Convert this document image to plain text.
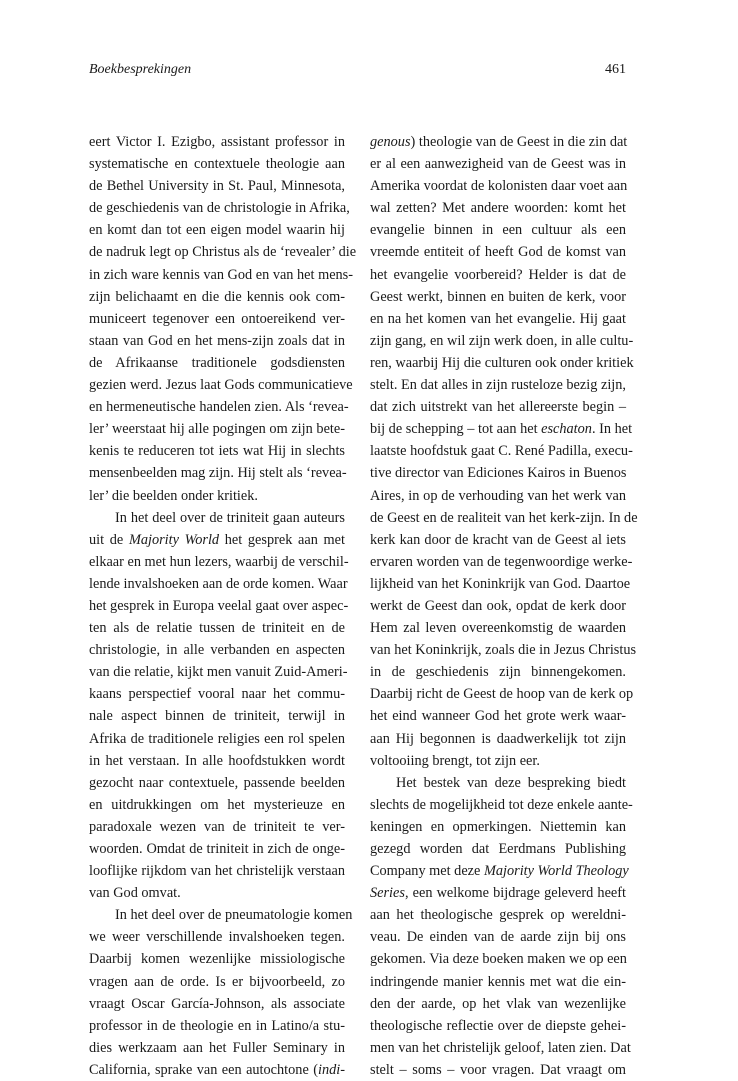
Boekbesprekingen	461
eert Victor I. Ezigbo, assistant professor in
systematische en contextuele theologie aan
de Bethel University in St. Paul, Minnesota,
de geschiedenis van de christologie in Afrika,
en komt dan tot een eigen model waarin hij
de nadruk legt op Christus als de ‘revealer’ die
in zich ware kennis van God en van het mens-
zijn belichaamt en die die kennis ook com-
municeert tegenover een ontoereikend ver-
staan van God en het mens-zijn zoals dat in
de Afrikaanse traditionele godsdiensten
gezien werd. Jezus laat Gods communicatieve
en hermeneutische handelen zien. Als ‘revea-
ler’ weerstaat hij alle pogingen om zijn bete-
kenis te reduceren tot iets wat Hij in slechts
mensenbeelden mag zijn. Hij stelt als ‘revea-
ler’ die beelden onder kritiek.
In het deel over de triniteit gaan auteurs
uit de Majority World het gesprek aan met
elkaar en met hun lezers, waarbij de verschil-
lende invalshoeken aan de orde komen. Waar
het gesprek in Europa veelal gaat over aspec-
ten als de relatie tussen de triniteit en de
christologie, in alle verbanden en aspecten
van die relatie, kijkt men vanuit Zuid-Ameri-
kaans perspectief vooral naar het commu-
nale aspect binnen de triniteit, terwijl in
Afrika de traditionele religies een rol spelen
in het verstaan. In alle hoofdstukken wordt
gezocht naar contextuele, passende beelden
en uitdrukkingen om het mysterieuze en
paradoxale wezen van de triniteit te ver-
woorden. Omdat de triniteit in zich de onge-
looflijke rijkdom van het christelijk verstaan
van God omvat.
In het deel over de pneumatologie komen
we weer verschillende invalshoeken tegen.
Daarbij komen wezenlijke missiologische
vragen aan de orde. Is er bijvoorbeeld, zo
vraagt Oscar García-Johnson, als associate
professor in de theologie en in Latino/a stu-
dies werkzaam aan het Fuller Seminary in
California, sprake van een autochtone (indi-
genous) theologie van de Geest in die zin dat
er al een aanwezigheid van de Geest was in
Amerika voordat de kolonisten daar voet aan
wal zetten? Met andere woorden: komt het
evangelie binnen in een cultuur als een
vreemde entiteit of heeft God de komst van
het evangelie voorbereid? Helder is dat de
Geest werkt, binnen en buiten de kerk, voor
en na het komen van het evangelie. Hij gaat
zijn gang, en wil zijn werk doen, in alle cultu-
ren, waarbij Hij die culturen ook onder kritiek
stelt. En dat alles in zijn rusteloze bezig zijn,
dat zich uitstrekt van het allereerste begin –
bij de schepping – tot aan het eschaton. In het
laatste hoofdstuk gaat C. René Padilla, execu-
tive director van Ediciones Kairos in Buenos
Aires, in op de verhouding van het werk van
de Geest en de realiteit van het kerk-zijn. In de
kerk kan door de kracht van de Geest al iets
ervaren worden van de tegenwoordige werke-
lijkheid van het Koninkrijk van God. Daartoe
werkt de Geest dan ook, opdat de kerk door
Hem zal leven overeenkomstig de waarden
van het Koninkrijk, zoals die in Jezus Christus
in de geschiedenis zijn binnengekomen.
Daarbij richt de Geest de hoop van de kerk op
het eind wanneer God het grote werk waar-
aan Hij begonnen is daadwerkelijk tot zijn
voltooiing brengt, tot zijn eer.
Het bestek van deze bespreking biedt
slechts de mogelijkheid tot deze enkele aante-
keningen en opmerkingen. Niettemin kan
gezegd worden dat Eerdmans Publishing
Company met deze Majority World Theology
Series, een welkome bijdrage geleverd heeft
aan het theologische gesprek op wereldni-
veau. De einden van de aarde zijn bij ons
gekomen. Via deze boeken maken we op een
indringende manier kennis met wat die ein-
den der aarde, op het vlak van wezenlijke
theologische reflectie over de diepste gehei-
men van het christelijk geloof, laten zien. Dat
stelt – soms – voor vragen. Dat vraagt om
